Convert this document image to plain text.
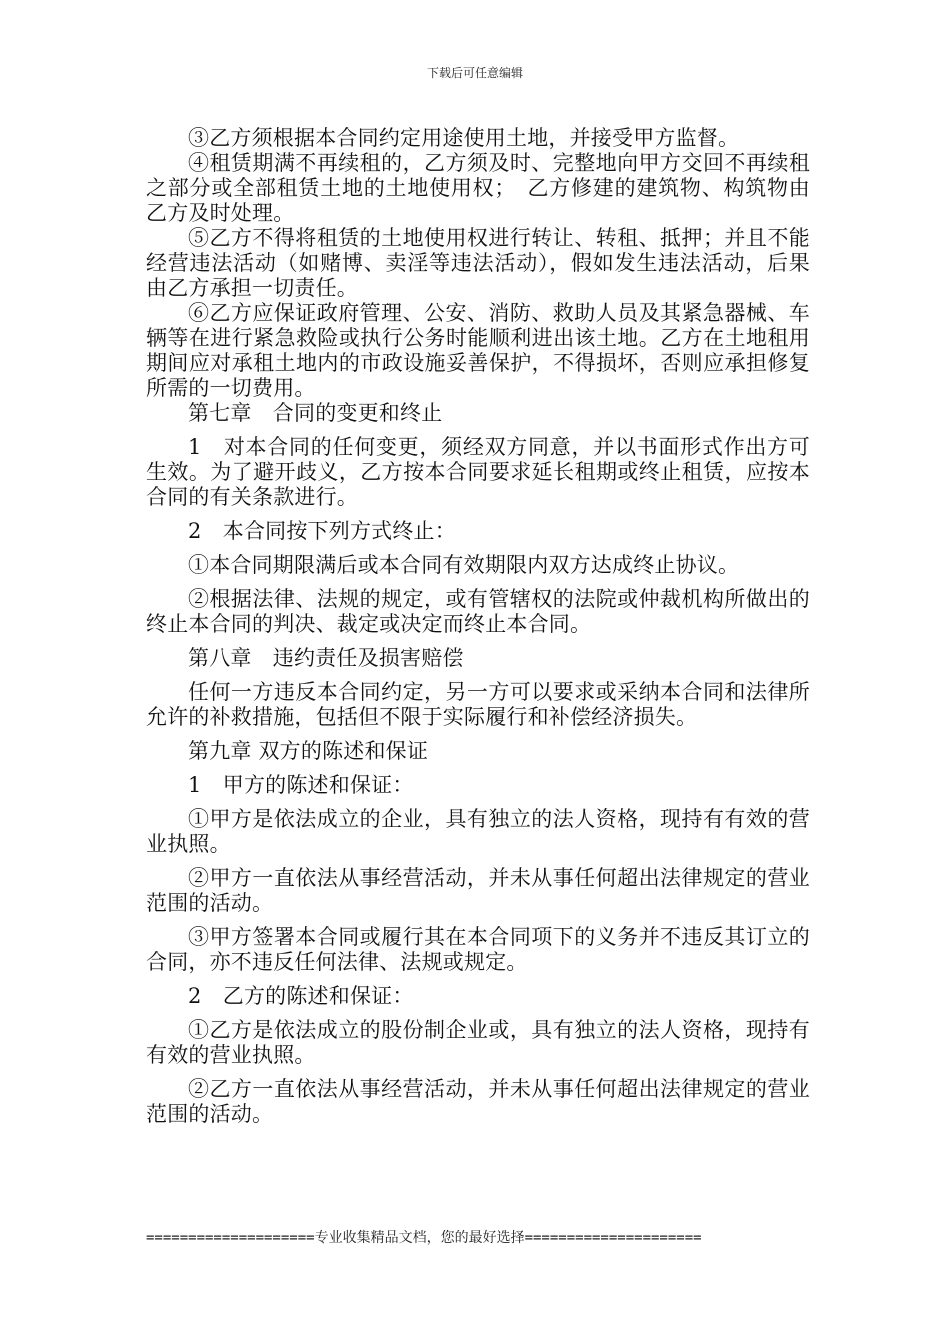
下载后可任意编辑

③乙方须根据本合同约定用途使用土地，并接受甲方监督。

④租赁期满不再续租的，乙方须及时、完整地向甲方交回不再续租之部分或全部租赁土地的土地使用权；　乙方修建的建筑物、构筑物由乙方及时处理。

⑤乙方不得将租赁的土地使用权进行转让、转租、抵押；并且不能经营违法活动（如赌博、卖淫等违法活动），假如发生违法活动，后果由乙方承担一切责任。

⑥乙方应保证政府管理、公安、消防、救助人员及其紧急器械、车辆等在进行紧急救险或执行公务时能顺利进出该土地。乙方在土地租用期间应对承租土地内的市政设施妥善保护，不得损坏，否则应承担修复所需的一切费用。

第七章　合同的变更和终止

1　对本合同的任何变更，须经双方同意，并以书面形式作出方可生效。为了避开歧义，乙方按本合同要求延长租期或终止租赁，应按本合同的有关条款进行。

2　本合同按下列方式终止：

①本合同期限满后或本合同有效期限内双方达成终止协议。

②根据法律、法规的规定，或有管辖权的法院或仲裁机构所做出的终止本合同的判决、裁定或决定而终止本合同。

第八章　违约责任及损害赔偿

任何一方违反本合同约定，另一方可以要求或采纳本合同和法律所允许的补救措施，包括但不限于实际履行和补偿经济损失。

第九章 双方的陈述和保证

1　甲方的陈述和保证：

①甲方是依法成立的企业，具有独立的法人资格，现持有有效的营业执照。

②甲方一直依法从事经营活动，并未从事任何超出法律规定的营业范围的活动。

③甲方签署本合同或履行其在本合同项下的义务并不违反其订立的合同，亦不违反任何法律、法规或规定。

2　乙方的陈述和保证：

①乙方是依法成立的股份制企业或，具有独立的法人资格，现持有有效的营业执照。

②乙方一直依法从事经营活动，并未从事任何超出法律规定的营业范围的活动。

====================专业收集精品文档，您的最好选择=====================
